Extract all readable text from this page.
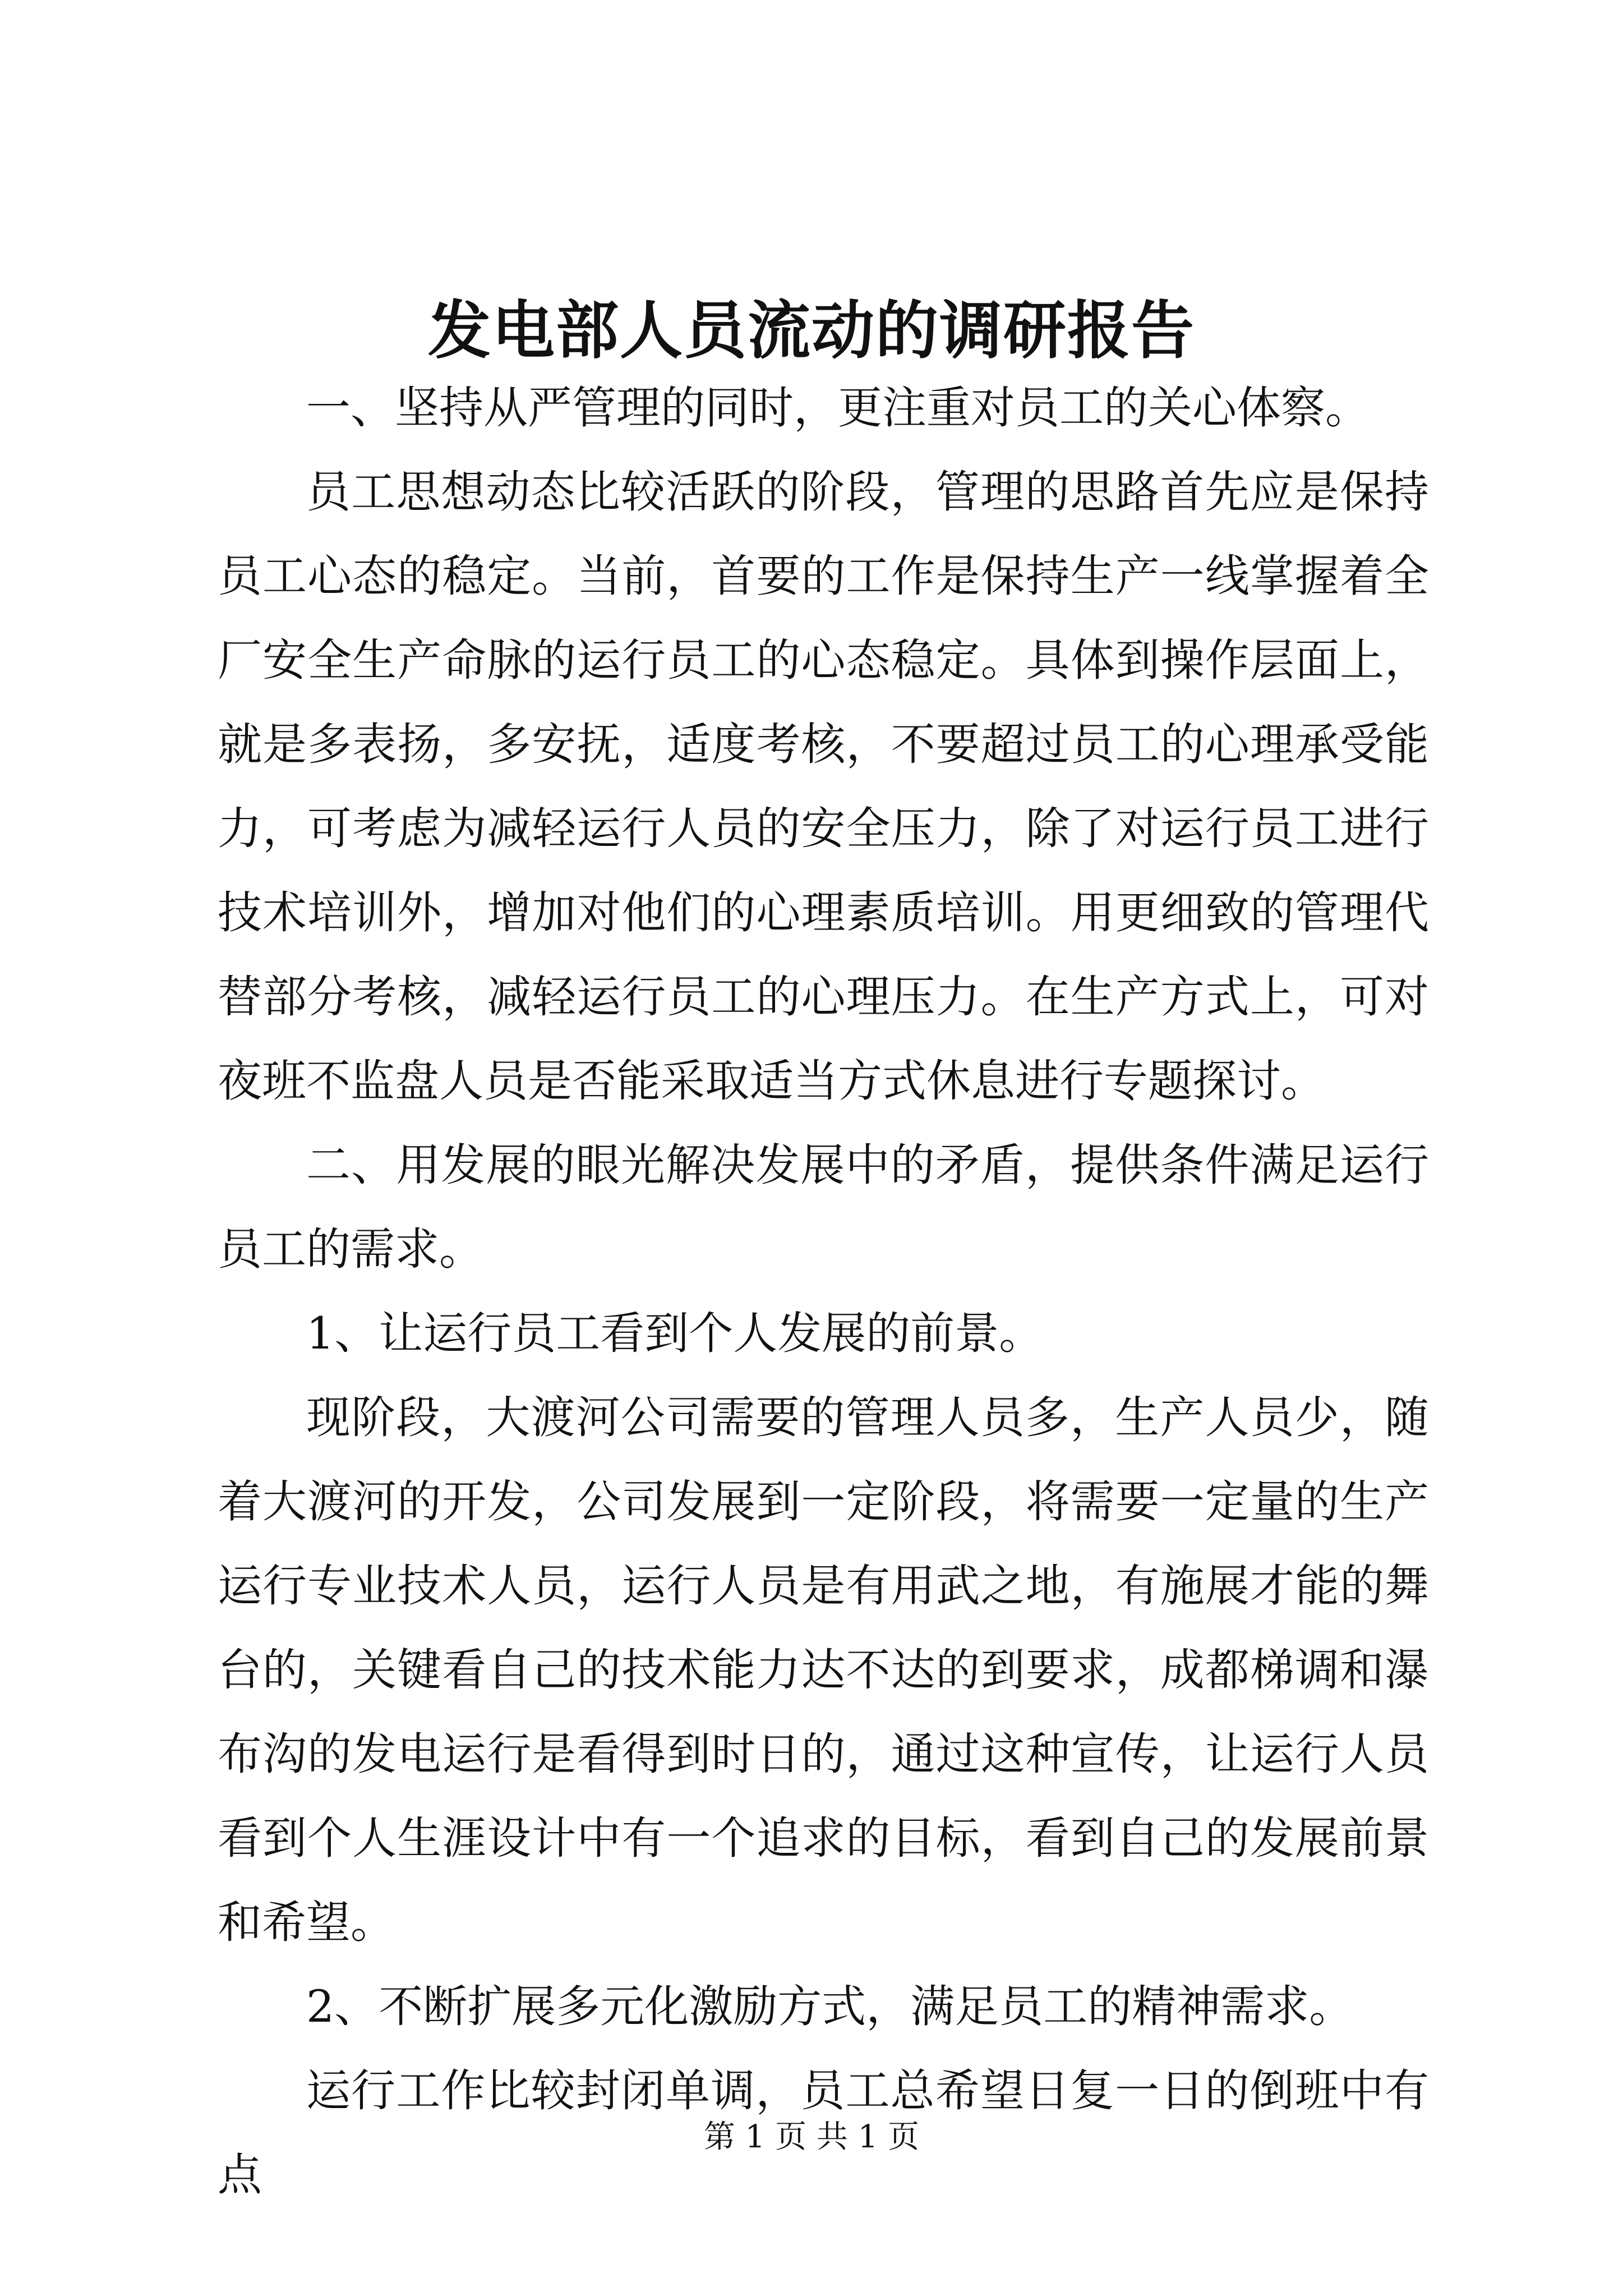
发电部人员流动的调研报告

一、坚持从严管理的同时，更注重对员工的关心体察。

员工思想动态比较活跃的阶段，管理的思路首先应是保持员工心态的稳定。当前，首要的工作是保持生产一线掌握着全厂安全生产命脉的运行员工的心态稳定。具体到操作层面上，就是多表扬，多安抚，适度考核，不要超过员工的心理承受能力，可考虑为减轻运行人员的安全压力，除了对运行员工进行技术培训外，增加对他们的心理素质培训。用更细致的管理代替部分考核，减轻运行员工的心理压力。在生产方式上，可对夜班不监盘人员是否能采取适当方式休息进行专题探讨。

二、用发展的眼光解决发展中的矛盾，提供条件满足运行员工的需求。

1、让运行员工看到个人发展的前景。

现阶段，大渡河公司需要的管理人员多，生产人员少，随着大渡河的开发，公司发展到一定阶段，将需要一定量的生产运行专业技术人员，运行人员是有用武之地，有施展才能的舞台的，关键看自己的技术能力达不达的到要求，成都梯调和瀑布沟的发电运行是看得到时日的，通过这种宣传，让运行人员看到个人生涯设计中有一个追求的目标，看到自己的发展前景和希望。

2、不断扩展多元化激励方式，满足员工的精神需求。

运行工作比较封闭单调，员工总希望日复一日的倒班中有点

第 1 页 共 1 页
